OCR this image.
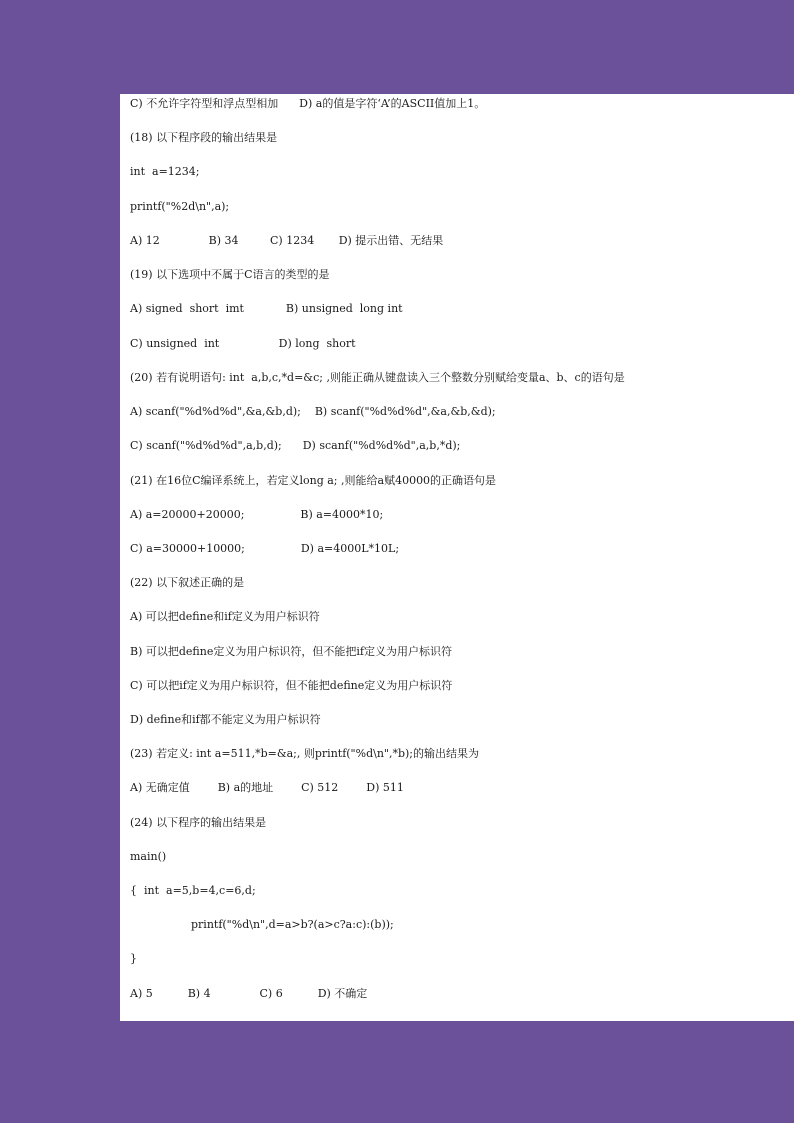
C) 不允许字符型和浮点型相加      D) a的值是字符‘A’的ASCII值加上1。
(18) 以下程序段的输出结果是
int  a=1234;
printf("%2d\n",a);
A) 12              B) 34         C) 1234       D) 提示出错、无结果
(19) 以下选项中不属于C语言的类型的是
A) signed  short  imt            B) unsigned  long int
C) unsigned  int                 D) long  short
(20) 若有说明语句: int  a,b,c,*d=&c; ,则能正确从键盘读入三个整数分别赋给变量a、b、c的语句是
A) scanf("%d%d%d",&a,&b,d);    B) scanf("%d%d%d",&a,&b,&d);
C) scanf("%d%d%d",a,b,d);      D) scanf("%d%d%d",a,b,*d);
(21) 在16位C编译系统上，若定义long a; ,则能给a赋40000的正确语句是
A) a=20000+20000;                B) a=4000*10;
C) a=30000+10000;                D) a=4000L*10L;
(22) 以下叙述正确的是
A) 可以把define和if定义为用户标识符
B) 可以把define定义为用户标识符，但不能把if定义为用户标识符
C) 可以把if定义为用户标识符，但不能把define定义为用户标识符
D) define和if都不能定义为用户标识符
(23) 若定义: int a=511,*b=&a;, 则printf("%d\n",*b);的输出结果为
A) 无确定值        B) a的地址        C) 512        D) 511
(24) 以下程序的输出结果是
main()
{  int  a=5,b=4,c=6,d;
printf("%d\n",d=a>b?(a>c?a:c):(b));
}
A) 5          B) 4              C) 6          D) 不确定
